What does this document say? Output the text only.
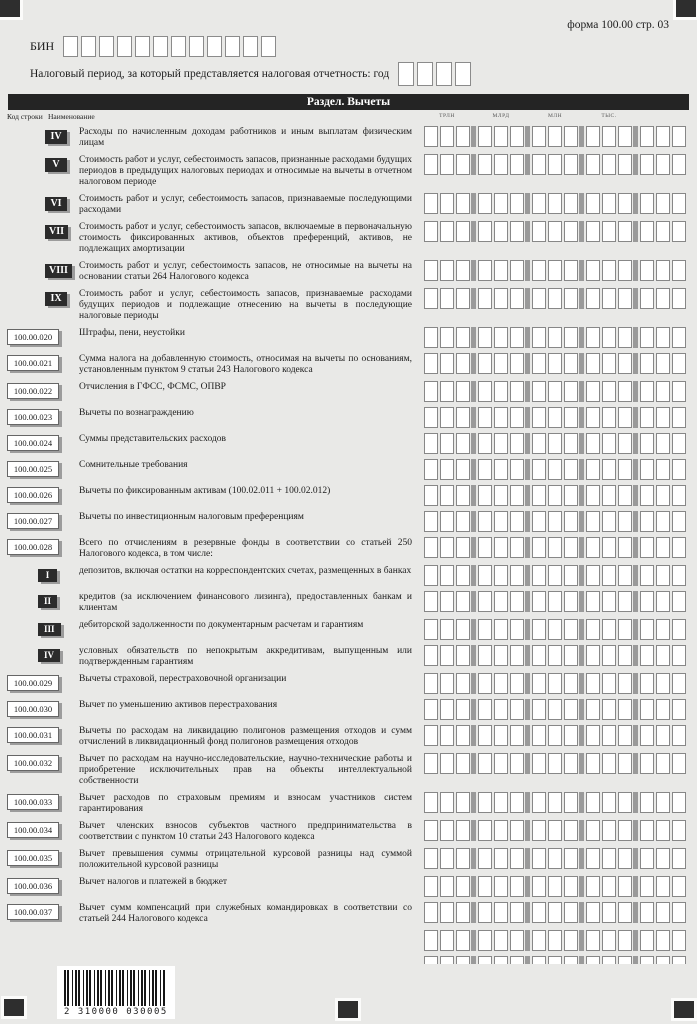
форма 100.00 стр. 03
БИН
Налоговый период, за который представляется налоговая отчетность: год
Раздел. Вычеты
Код строки Наименование	ТРЛН	МЛРД	МЛН	ТЫС.
IV	Расходы по начисленным доходам работников и иным выплатам физическим лицам
V	Стоимость работ и услуг, себестоимость запасов, признанные расходами будущих периодов в предыдущих налоговых периодах и относимые на вычеты в отчетном налоговом периоде
VI	Стоимость работ и услуг, себестоимость запасов, признаваемые последующими расходами
VII	Стоимость работ и услуг, себестоимость запасов, включаемые в первоначальную стоимость фиксированных активов, объектов преференций, активов, не подлежащих амортизации
VIII	Стоимость работ и услуг, себестоимость запасов, не относимые на вычеты на основании статьи 264 Налогового кодекса
IX	Стоимость работ и услуг, себестоимость запасов, признаваемые расходами будущих периодов и подлежащие отнесению на вычеты в последующие налоговые периоды
100.00.020	Штрафы, пени, неустойки
100.00.021	Сумма налога на добавленную стоимость, относимая на вычеты по основаниям, установленным пунктом 9 статьи 243 Налогового кодекса
100.00.022	Отчисления в ГФСС, ФСМС, ОПВР
100.00.023	Вычеты по вознаграждению
100.00.024	Суммы представительских расходов
100.00.025	Сомнительные требования
100.00.026	Вычеты по фиксированным активам (100.02.011 + 100.02.012)
100.00.027	Вычеты по инвестиционным налоговым преференциям
100.00.028	Всего по отчислениям в резервные фонды в соответствии со статьей 250 Налогового кодекса, в том числе:
I	депозитов, включая остатки на корреспондентских счетах, размещенных в банках
II	кредитов (за исключением финансового лизинга), предоставленных банкам и клиентам
III	дебиторской задолженности по документарным расчетам и гарантиям
IV	условных обязательств по непокрытым аккредитивам, выпущенным или подтвержденным гарантиям
100.00.029	Вычеты страховой, перестраховочной организации
100.00.030	Вычет по уменьшению активов перестрахования
100.00.031	Вычеты по расходам на ликвидацию полигонов размещения отходов и сумм отчислений в ликвидационный фонд полигонов размещения отходов
100.00.032	Вычет по расходам на научно-исследовательские, научно-технические работы и приобретение исключительных прав на объекты интеллектуальной собственности
100.00.033	Вычет расходов по страховым премиям и взносам участников систем гарантирования
100.00.034	Вычет членских взносов субъектов частного предпринимательства в соответствии с пунктом 10 статьи 243 Налогового кодекса
100.00.035	Вычет превышения суммы отрицательной курсовой разницы над суммой положительной курсовой разницы
100.00.036	Вычет налогов и платежей в бюджет
100.00.037	Вычет сумм компенсаций при служебных командировках в соответствии со статьей 244 Налогового кодекса
2 310000 030005
